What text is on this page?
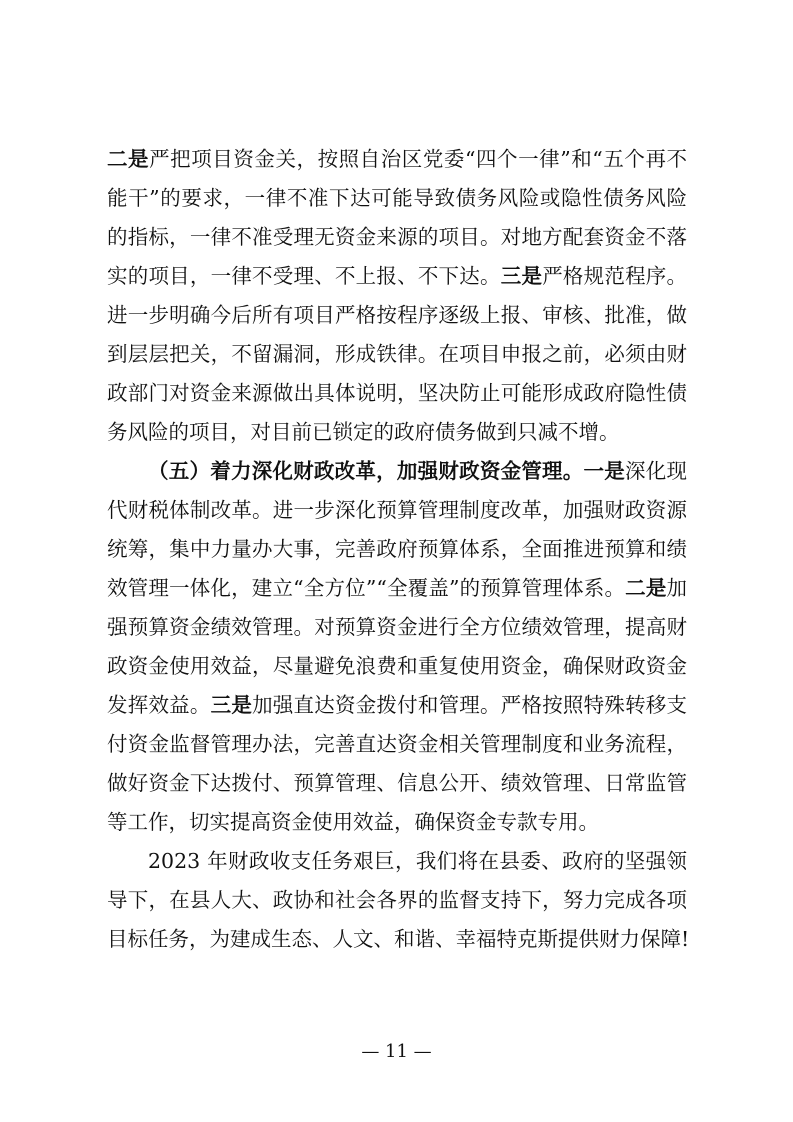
二是严把项目资金关，按照自治区党委“四个一律”和“五个再不
能干”的要求，一律不准下达可能导致债务风险或隐性债务风险
的指标，一律不准受理无资金来源的项目。对地方配套资金不落
实的项目，一律不受理、不上报、不下达。三是严格规范程序。
进一步明确今后所有项目严格按程序逐级上报、审核、批准，做
到层层把关，不留漏洞，形成铁律。在项目申报之前，必须由财
政部门对资金来源做出具体说明，坚决防止可能形成政府隐性债
务风险的项目，对目前已锁定的政府债务做到只减不增。
（五）着力深化财政改革，加强财政资金管理。一是深化现
代财税体制改革。进一步深化预算管理制度改革，加强财政资源
统筹，集中力量办大事，完善政府预算体系，全面推进预算和绩
效管理一体化，建立“全方位”“全覆盖”的预算管理体系。二是加
强预算资金绩效管理。对预算资金进行全方位绩效管理，提高财
政资金使用效益，尽量避免浪费和重复使用资金，确保财政资金
发挥效益。三是加强直达资金拨付和管理。严格按照特殊转移支
付资金监督管理办法，完善直达资金相关管理制度和业务流程，
做好资金下达拨付、预算管理、信息公开、绩效管理、日常监管
等工作，切实提高资金使用效益，确保资金专款专用。
2023 年财政收支任务艰巨，我们将在县委、政府的坚强领
导下，在县人大、政协和社会各界的监督支持下，努力完成各项
目标任务，为建成生态、人文、和谐、幸福特克斯提供财力保障!
— 11 —
